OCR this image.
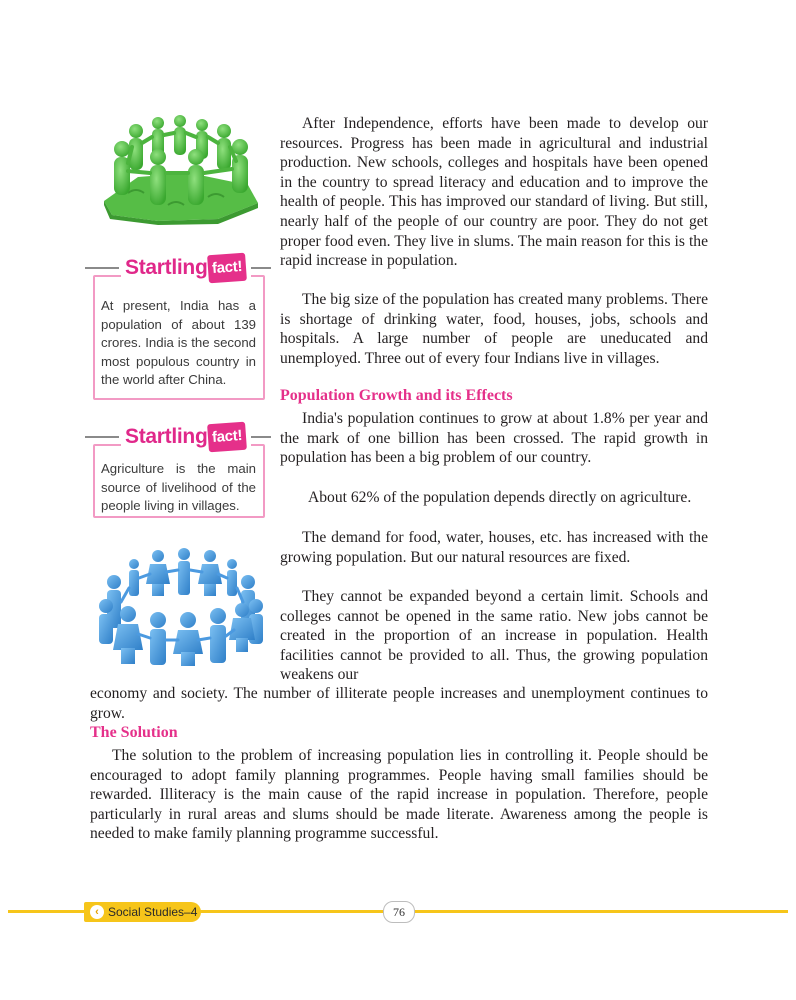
Startling fact!

At present, India has a population of about 139 crores. India is the second most populous country in the world after China.

Startling fact!

Agriculture is the main source of livelihood of the people living in villages.

After Independence, efforts have been made to develop our resources. Progress has been made in agricultural and industrial production. New schools, colleges and hospitals have been opened in the country to spread literacy and education and to improve the health of people. This has improved our standard of living. But still, nearly half of the people of our country are poor. They do not get proper food even. They live in slums. The main reason for this is the rapid increase in population.

The big size of the population has created many problems. There is shortage of drinking water, food, houses, jobs, schools and hospitals. A large number of people are uneducated and unemployed. Three out of every four Indians live in villages.

Population Growth and its Effects

India's population continues to grow at about 1.8% per year and the mark of one billion has been crossed. The rapid growth in population has been a big problem of our country.

About 62% of the population depends directly on agriculture.

The demand for food, water, houses, etc. has increased with the growing population. But our natural resources are fixed.

They cannot be expanded beyond a certain limit. Schools and colleges cannot be opened in the same ratio. New jobs cannot be created in the proportion of an increase in population. Health facilities cannot be provided to all. Thus, the growing population weakens our

economy and society. The number of illiterate people increases and unemployment continues to grow.

The Solution

The solution to the problem of increasing population lies in controlling it. People should be encouraged to adopt family planning programmes. People having small families should be rewarded. Illiteracy is the main cause of the rapid increase in population. Therefore, people particularly in rural areas and slums should be made literate. Awareness among the people is needed to make family planning programme successful.

‹ Social Studies–4	76
